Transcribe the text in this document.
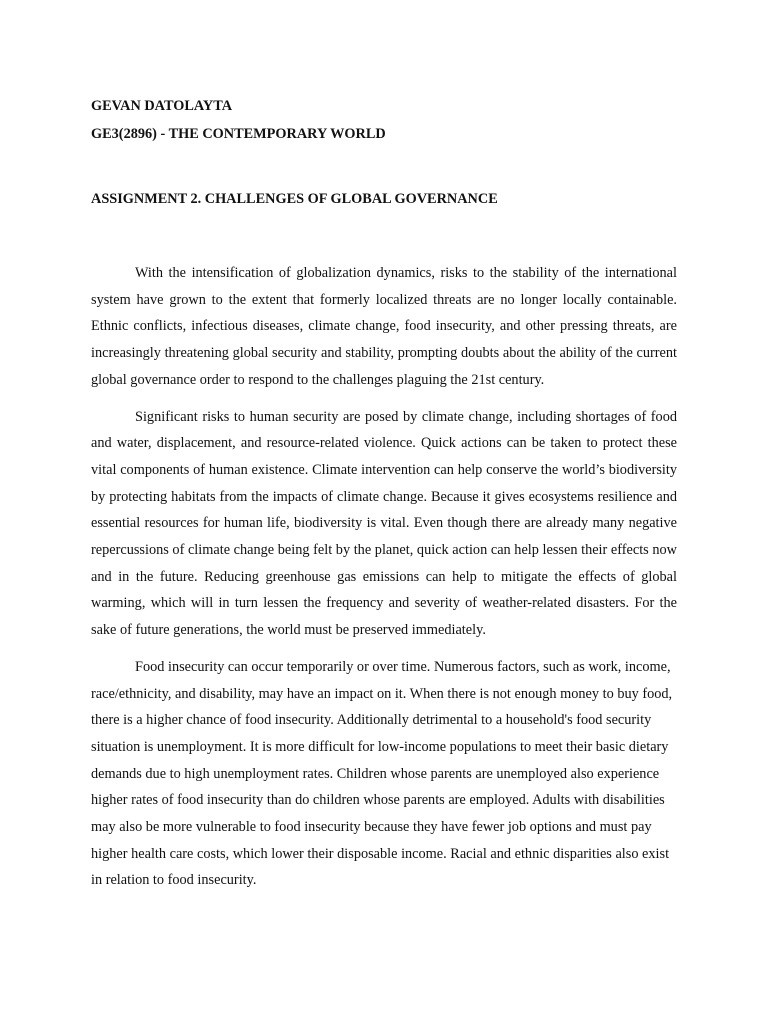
GEVAN DATOLAYTA

GE3(2896) - THE CONTEMPORARY WORLD

ASSIGNMENT 2. CHALLENGES OF GLOBAL GOVERNANCE

With the intensification of globalization dynamics, risks to the stability of the international system have grown to the extent that formerly localized threats are no longer locally containable. Ethnic conflicts, infectious diseases, climate change, food insecurity, and other pressing threats, are increasingly threatening global security and stability, prompting doubts about the ability of the current global governance order to respond to the challenges plaguing the 21st century.

Significant risks to human security are posed by climate change, including shortages of food and water, displacement, and resource-related violence. Quick actions can be taken to protect these vital components of human existence. Climate intervention can help conserve the world’s biodiversity by protecting habitats from the impacts of climate change. Because it gives ecosystems resilience and essential resources for human life, biodiversity is vital. Even though there are already many negative repercussions of climate change being felt by the planet, quick action can help lessen their effects now and in the future. Reducing greenhouse gas emissions can help to mitigate the effects of global warming, which will in turn lessen the frequency and severity of weather-related disasters. For the sake of future generations, the world must be preserved immediately.

Food insecurity can occur temporarily or over time. Numerous factors, such as work, income, race/ethnicity, and disability, may have an impact on it. When there is not enough money to buy food, there is a higher chance of food insecurity. Additionally detrimental to a household's food security situation is unemployment. It is more difficult for low-income populations to meet their basic dietary demands due to high unemployment rates. Children whose parents are unemployed also experience higher rates of food insecurity than do children whose parents are employed. Adults with disabilities may also be more vulnerable to food insecurity because they have fewer job options and must pay higher health care costs, which lower their disposable income. Racial and ethnic disparities also exist in relation to food insecurity.
